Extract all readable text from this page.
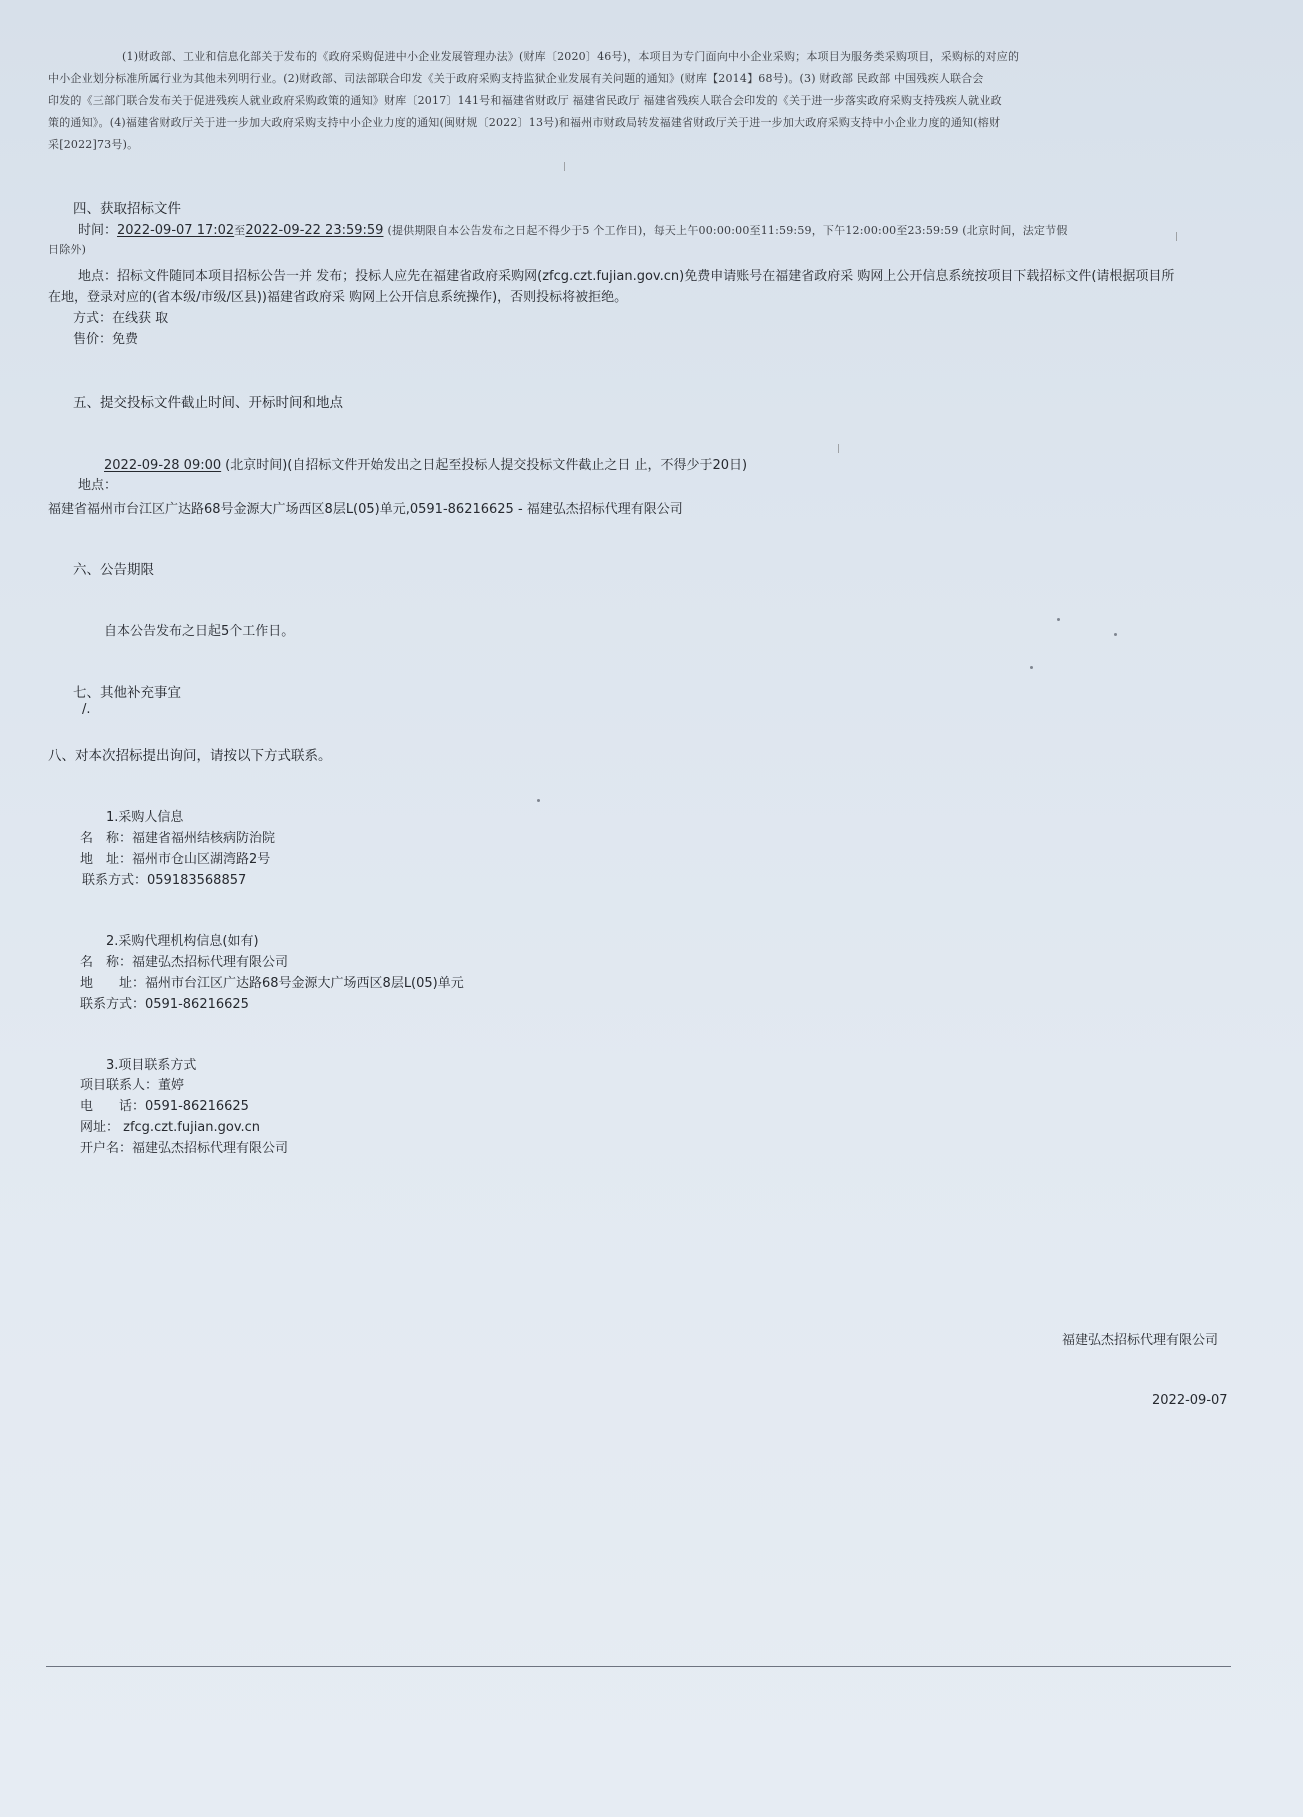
(1)财政部、工业和信息化部关于发布的《政府采购促进中小企业发展管理办法》(财库〔2020〕46号)，本项目为专门面向中小企业采购；本项目为服务类采购项目，采购标的对应的
中小企业划分标准所属行业为其他未列明行业。(2)财政部、司法部联合印发《关于政府采购支持监狱企业发展有关问题的通知》(财库【2014】68号)。(3) 财政部 民政部 中国残疾人联合会
印发的《三部门联合发布关于促进残疾人就业政府采购政策的通知》财库〔2017〕141号和福建省财政厅 福建省民政厅 福建省残疾人联合会印发的《关于进一步落实政府采购支持残疾人就业政
策的通知》。(4)福建省财政厅关于进一步加大政府采购支持中小企业力度的通知(闽财规〔2022〕13号)和福州市财政局转发福建省财政厅关于进一步加大政府采购支持中小企业力度的通知(榕财
采[2022]73号)。
四、获取招标文件
时间：2022-09-07 17:02至2022-09-22 23:59:59 (提供期限自本公告发布之日起不得少于5 个工作日)，每天上午00:00:00至11:59:59，下午12:00:00至23:59:59 (北京时间，法定节假
日除外)
地点：招标文件随同本项目招标公告一并 发布；投标人应先在福建省政府采购网(zfcg.czt.fujian.gov.cn)免费申请账号在福建省政府采 购网上公开信息系统按项目下载招标文件(请根据项目所
在地，登录对应的(省本级/市级/区县))福建省政府采 购网上公开信息系统操作)，否则投标将被拒绝。
方式：在线获 取
售价：免费
五、提交投标文件截止时间、开标时间和地点
2022-09-28 09:00 (北京时间)(自招标文件开始发出之日起至投标人提交投标文件截止之日 止，不得少于20日)
地点：
福建省福州市台江区广达路68号金源大广场西区8层L(05)单元,0591-86216625 - 福建弘杰招标代理有限公司
六、公告期限
自本公告发布之日起5个工作日。
七、其他补充事宜
/.
八、对本次招标提出询问，请按以下方式联系。
1.采购人信息
名　称：福建省福州结核病防治院
地　址：福州市仓山区湖湾路2号
联系方式：059183568857
2.采购代理机构信息(如有)
名　称：福建弘杰招标代理有限公司
地　　址：福州市台江区广达路68号金源大广场西区8层L(05)单元
联系方式：0591-86216625
3.项目联系方式
项目联系人：董婷
电　　话：0591-86216625
网址： zfcg.czt.fujian.gov.cn
开户名：福建弘杰招标代理有限公司
福建弘杰招标代理有限公司
2022-09-07
